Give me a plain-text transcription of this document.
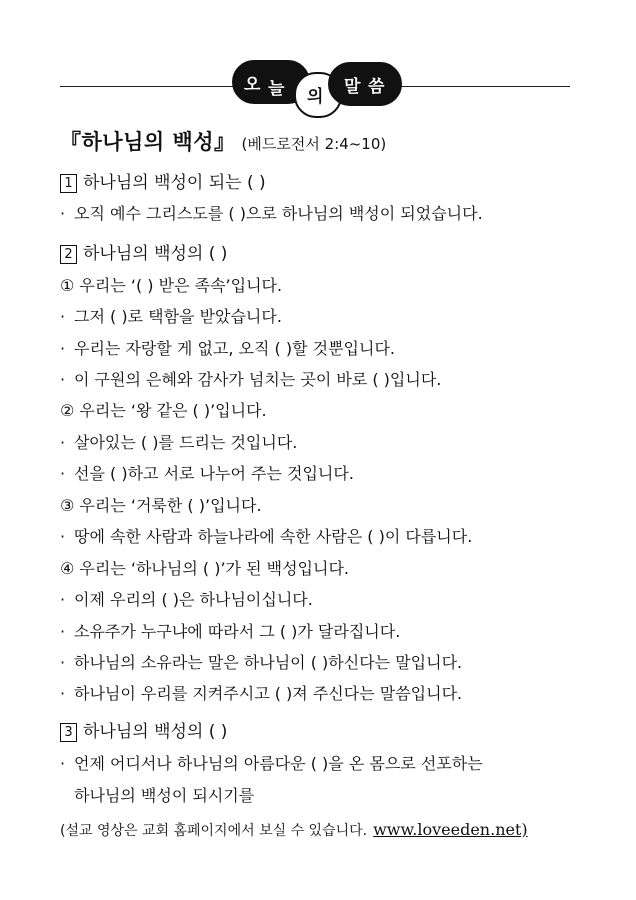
오 늘 의 말 씀
『하나님의 백성』 (베드로전서 2:4~10)
1 하나님의 백성이 되는 ( )
· 오직 예수 그리스도를 ( )으로 하나님의 백성이 되었습니다.
2 하나님의 백성의 ( )
① 우리는 ‘( ) 받은 족속’입니다.
· 그저 ( )로 택함을 받았습니다.
· 우리는 자랑할 게 없고, 오직 ( )할 것뿐입니다.
· 이 구원의 은혜와 감사가 넘치는 곳이 바로 ( )입니다.
② 우리는 ‘왕 같은 ( )’입니다.
· 살아있는 ( )를 드리는 것입니다.
· 선을 ( )하고 서로 나누어 주는 것입니다.
③ 우리는 ‘거룩한 ( )’입니다.
· 땅에 속한 사람과 하늘나라에 속한 사람은 ( )이 다릅니다.
④ 우리는 ‘하나님의 ( )’가 된 백성입니다.
· 이제 우리의 ( )은 하나님이십니다.
· 소유주가 누구냐에 따라서 그 ( )가 달라집니다.
· 하나님의 소유라는 말은 하나님이 ( )하신다는 말입니다.
· 하나님이 우리를 지켜주시고 ( )져 주신다는 말씀입니다.
3 하나님의 백성의 ( )
· 언제 어디서나 하나님의 아름다운 ( )을 온 몸으로 선포하는
하나님의 백성이 되시기를
(설교 영상은 교회 홈페이지에서 보실 수 있습니다. www.loveeden.net)
